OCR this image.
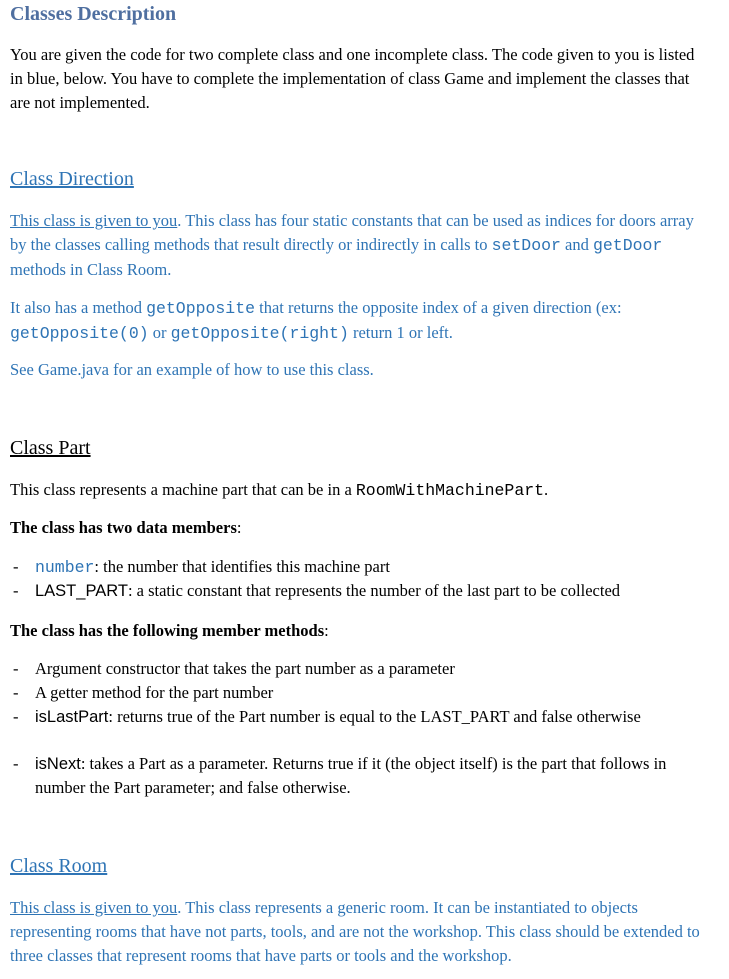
Classes Description

You are given the code for two complete class and one incomplete class. The code given to you is listed in blue, below. You have to complete the implementation of class Game and implement the classes that are not implemented.

Class Direction

This class is given to you. This class has four static constants that can be used as indices for doors array by the classes calling methods that result directly or indirectly in calls to setDoor and getDoor methods in Class Room.

It also has a method getOpposite that returns the opposite index of a given direction (ex: getOpposite(0) or getOpposite(right) return 1 or left.

See Game.java for an example of how to use this class.

Class Part

This class represents a machine part that can be in a RoomWithMachinePart.

The class has two data members:

- number: the number that identifies this machine part
- LAST_PART: a static constant that represents the number of the last part to be collected

The class has the following member methods:

- Argument constructor that takes the part number as a parameter
- A getter method for the part number
- isLastPart: returns true of the Part number is equal to the LAST_PART and false otherwise
- isNext: takes a Part as a parameter. Returns true if it (the object itself) is the part that follows in number the Part parameter; and false otherwise.
Class Room

This class is given to you. This class represents a generic room. It can be instantiated to objects representing rooms that have not parts, tools, and are not the workshop. This class should be extended to three classes that represent rooms that have parts or tools and the workshop.
